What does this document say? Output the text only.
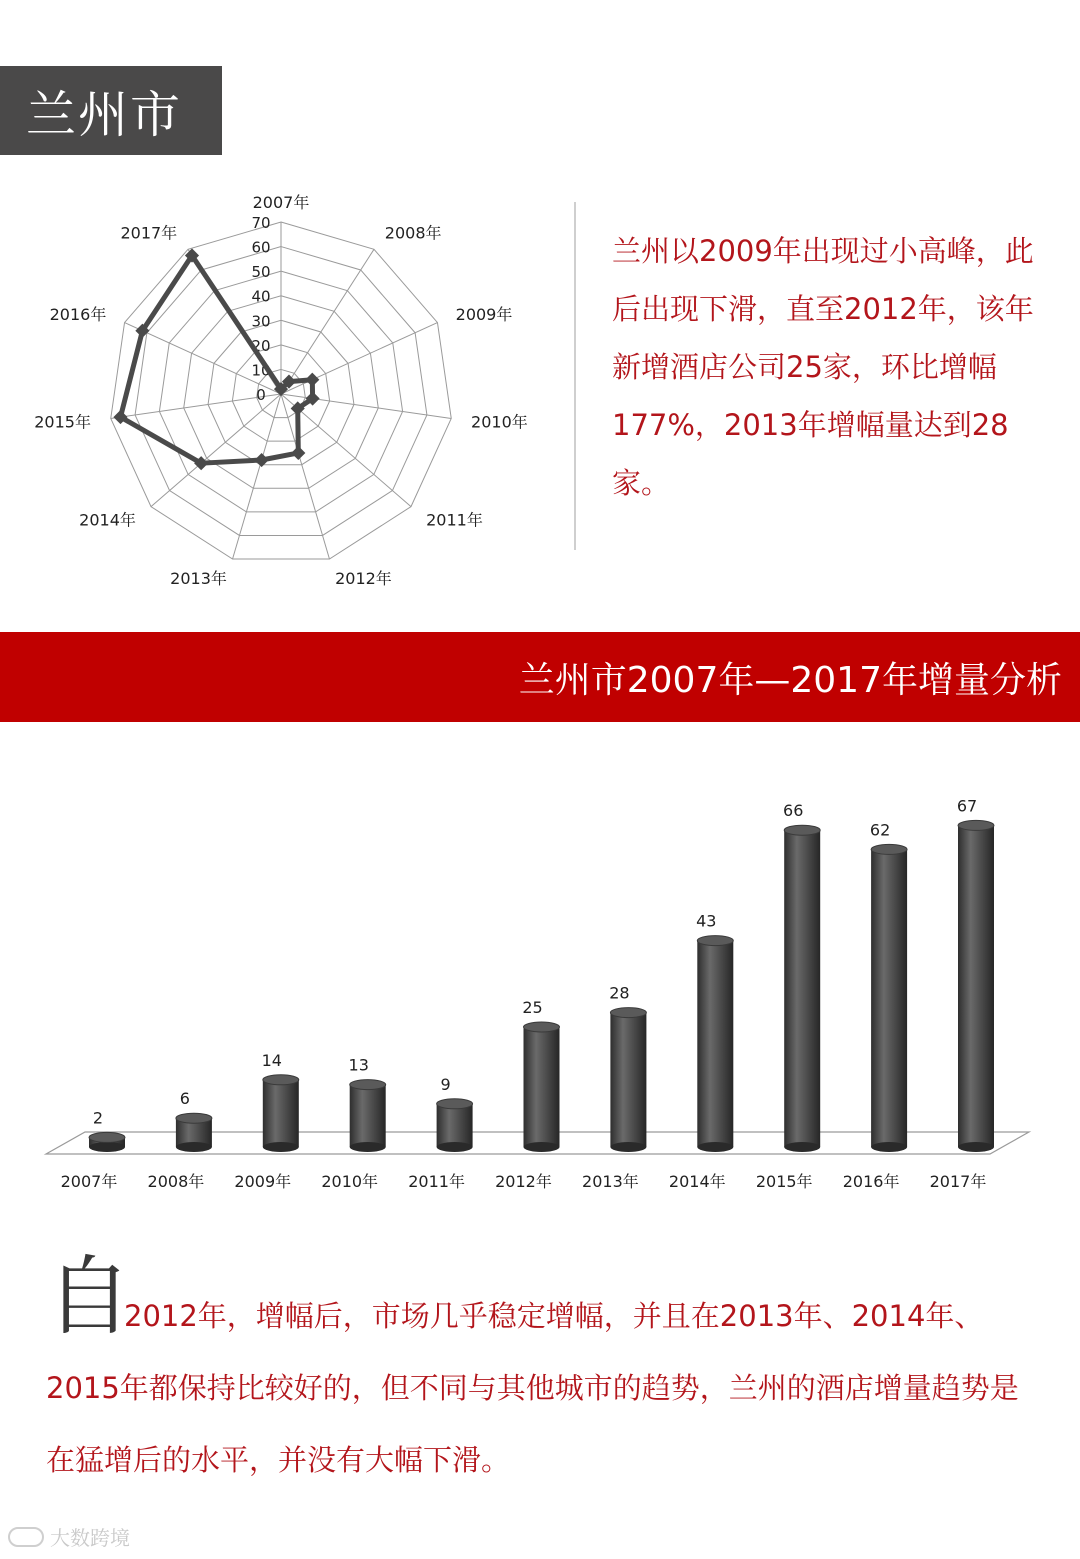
兰州市
0
10
20
30
40
50
60
70
2007年
2008年
2009年
2010年
2011年
2012年
2013年
2014年
2015年
2016年
2017年
兰州以2009年出现过小高峰，此后出现下滑，直至2012年，该年新增酒店公司25家，环比增幅177%，2013年增幅量达到28家。
兰州市2007年—2017年增量分析
2
2007年
6
2008年
14
2009年
13
2010年
9
2011年
25
2012年
28
2013年
43
2014年
66
2015年
62
2016年
67
2017年
自
2012年，增幅后，市场几乎稳定增幅，并且在2013年、2014年、2015年都保持比较好的，但不同与其他城市的趋势，兰州的酒店增量趋势是在猛增后的水平，并没有大幅下滑。
大数跨境
